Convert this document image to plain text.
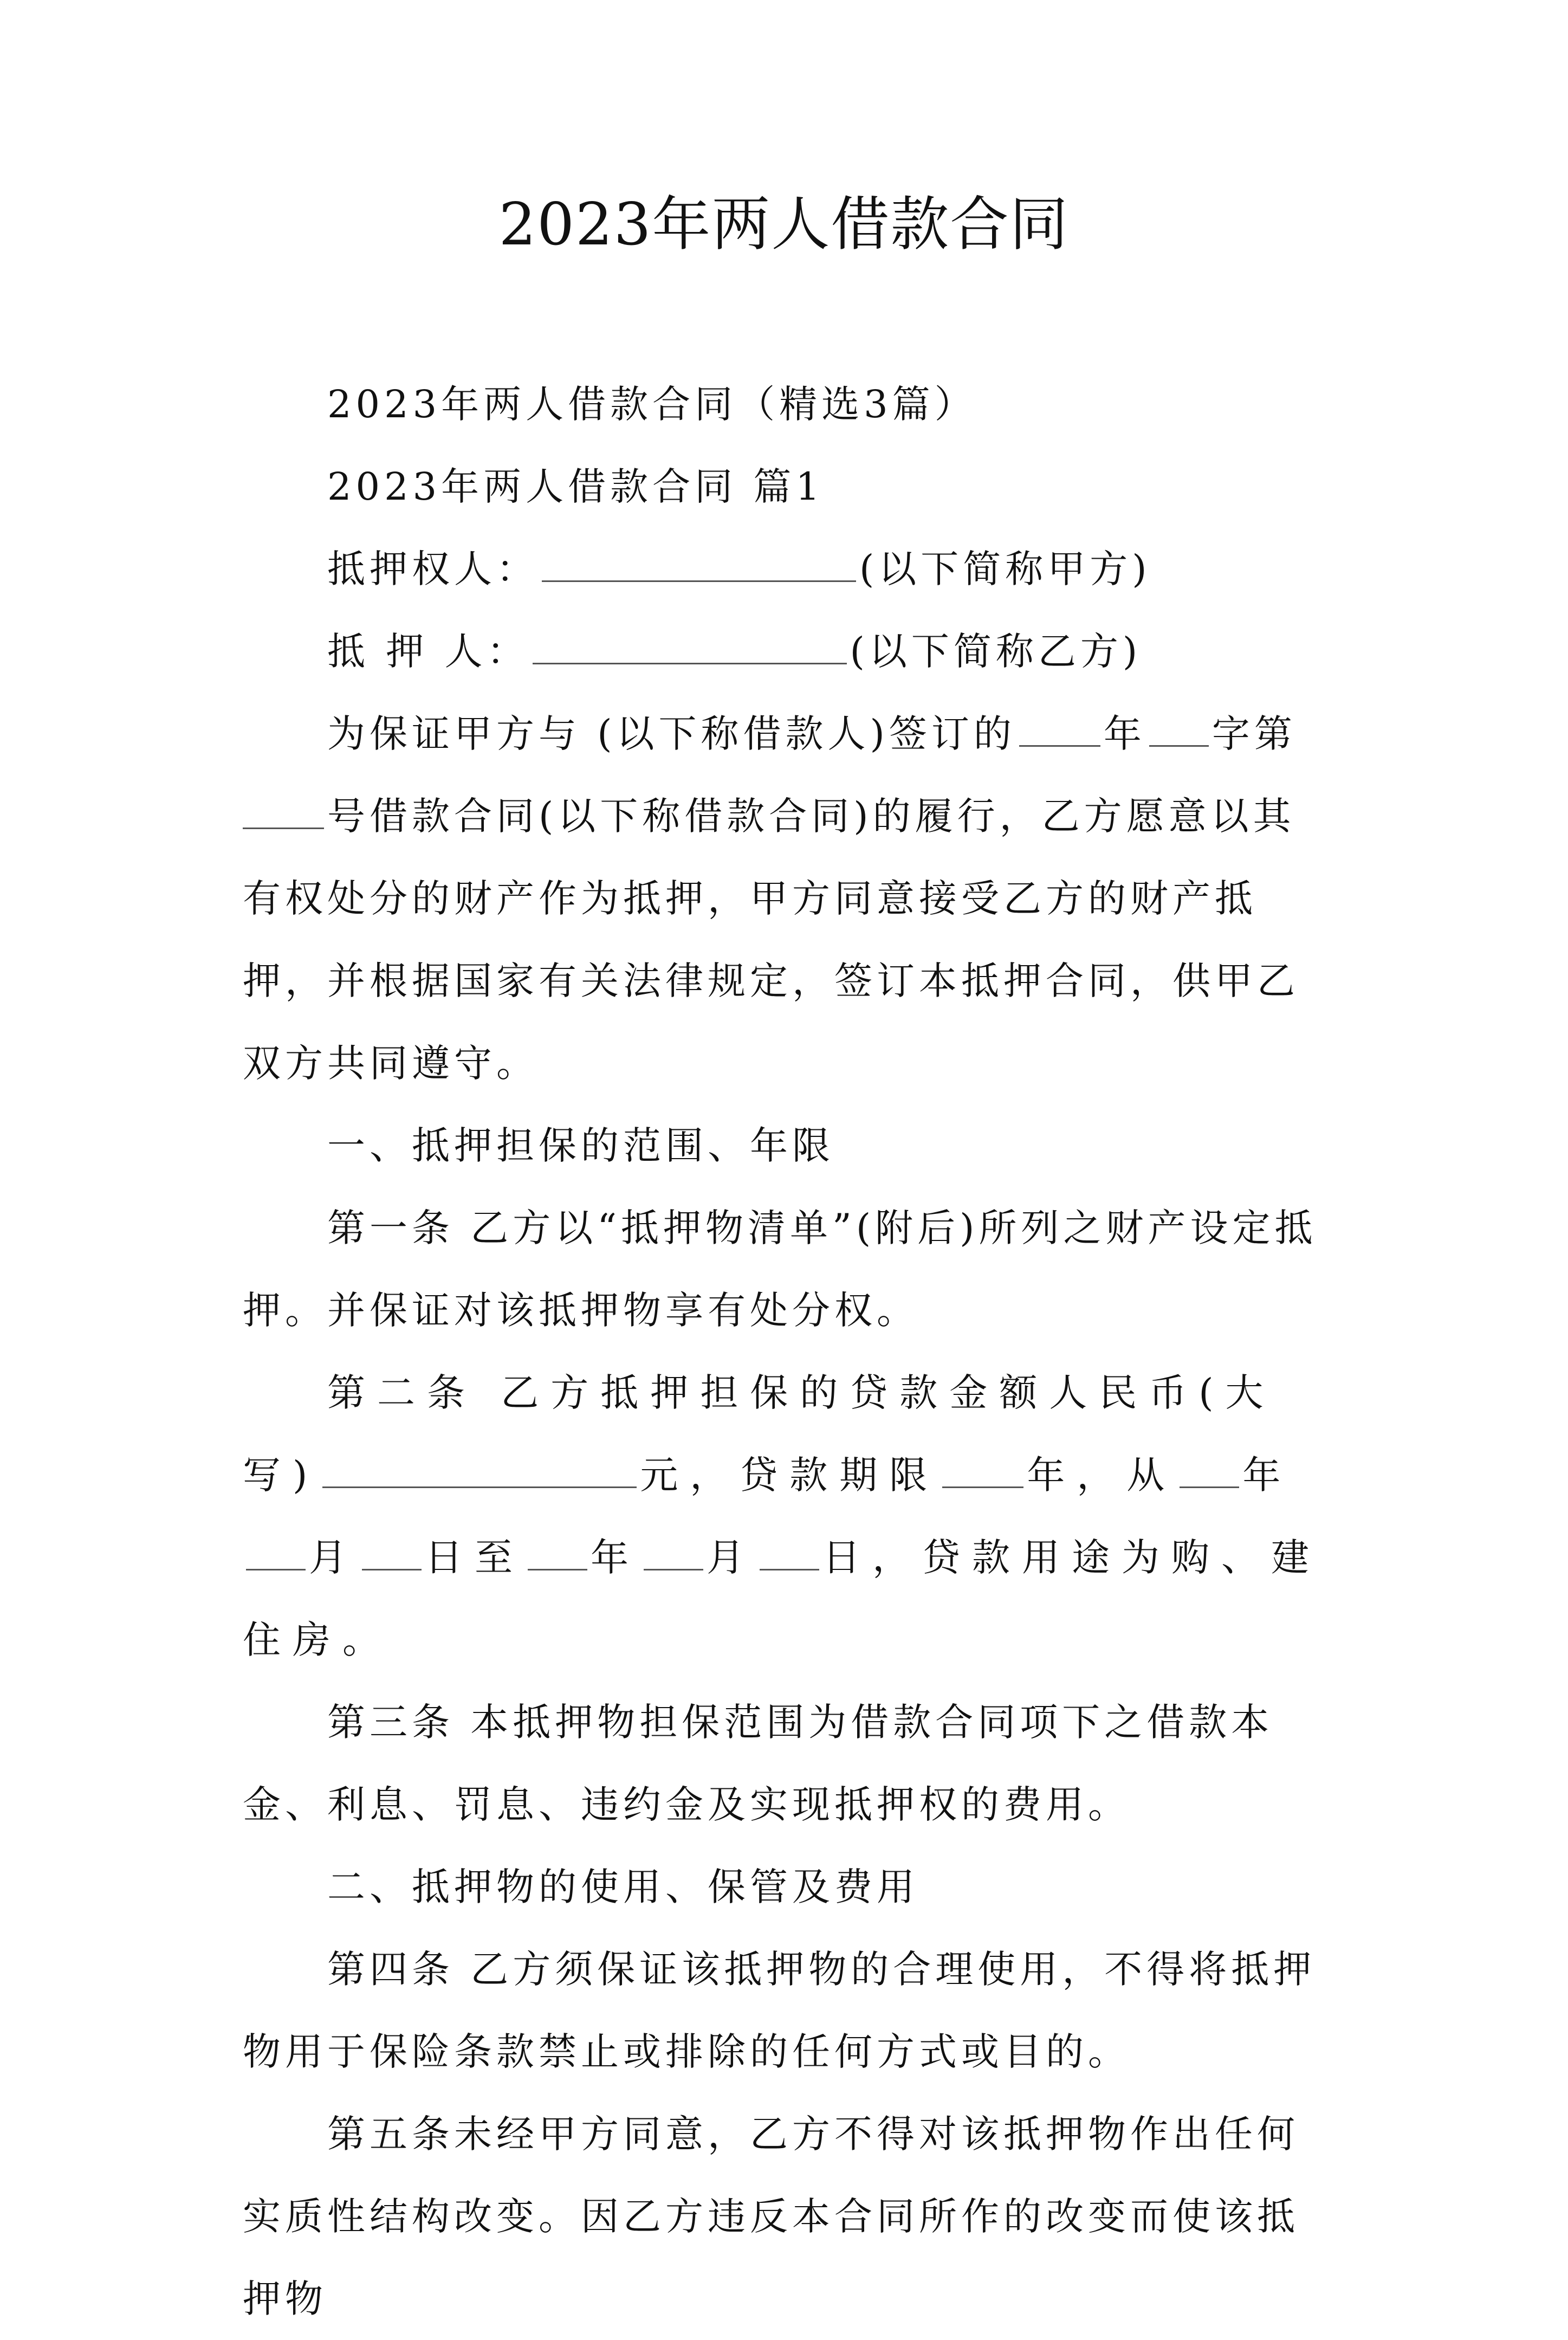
2023年两人借款合同

2023年两人借款合同（精选3篇）

2023年两人借款合同 篇1

抵押权人：	(以下简称甲方)

抵 押 人：	(以下简称乙方)

为保证甲方与 (以下称借款人)签订的 年 字第号借款合同(以下称借款合同)的履行，乙方愿意以其有权处分的财产作为抵押，甲方同意接受乙方的财产抵押，并根据国家有关法律规定，签订本抵押合同，供甲乙双方共同遵守。

一、抵押担保的范围、年限

第一条 乙方以“抵押物清单”(附后)所列之财产设定抵押。并保证对该抵押物享有处分权。

第二条 乙方抵押担保的贷款金额人民币(大写)	元，贷款期限 年，从 年月 日至 年 月 日，贷款用途为购、建住房。

第三条 本抵押物担保范围为借款合同项下之借款本金、利息、罚息、违约金及实现抵押权的费用。

二、抵押物的使用、保管及费用

第四条 乙方须保证该抵押物的合理使用，不得将抵押物用于保险条款禁止或排除的任何方式或目的。

第五条未经甲方同意，乙方不得对该抵押物作出任何实质性结构改变。因乙方违反本合同所作的改变而使该抵押物
